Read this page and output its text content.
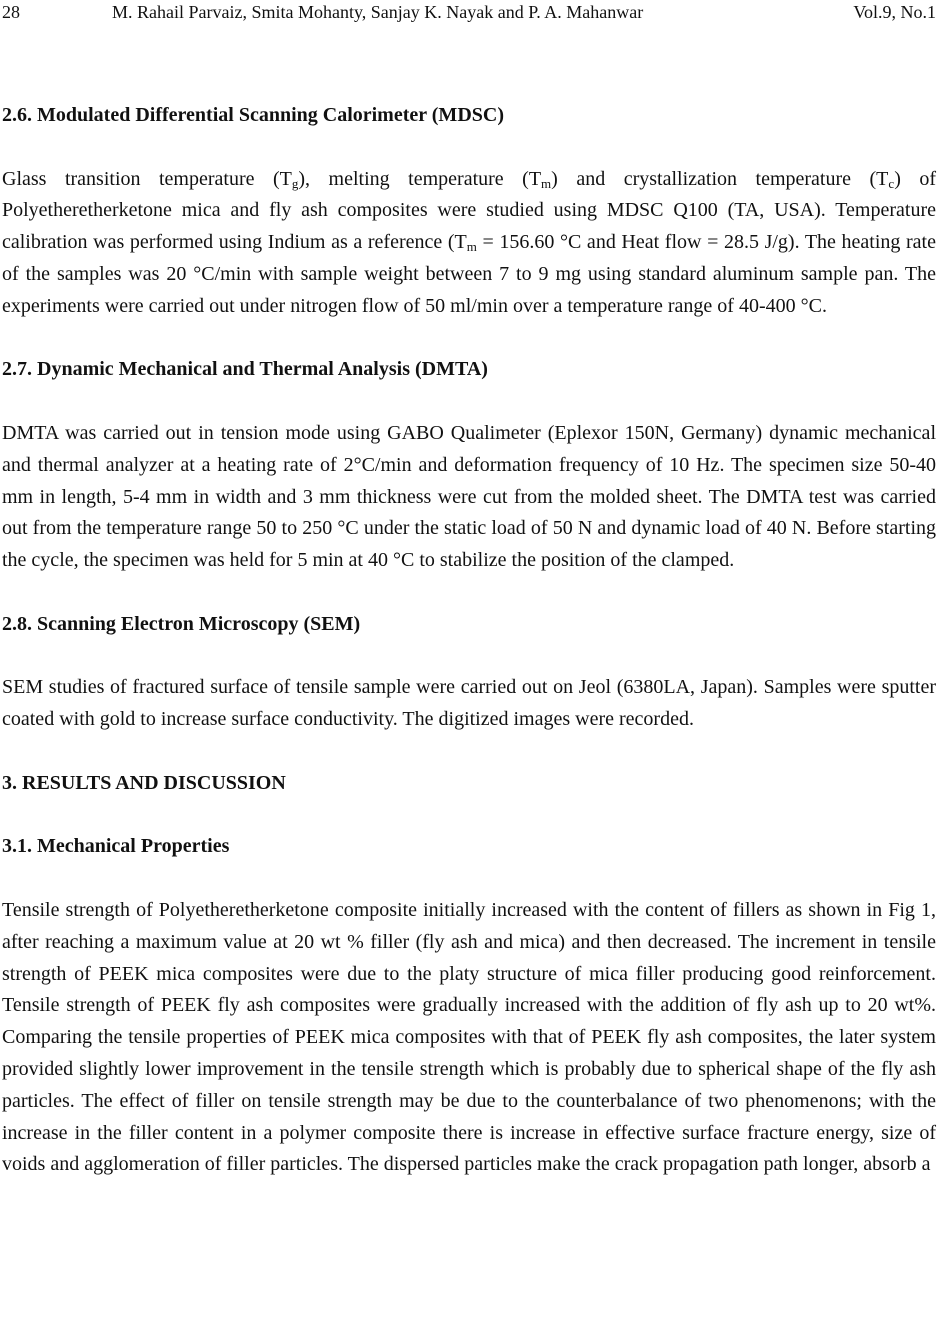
28	M. Rahail Parvaiz, Smita Mohanty, Sanjay K. Nayak and P. A. Mahanwar	Vol.9, No.1
2.6. Modulated Differential Scanning Calorimeter (MDSC)

Glass transition temperature $(T_g)$, melting temperature $(T_m)$ and crystallization temperature $(T_c)$ of Polyetheretherketone mica and fly ash composites were studied using MDSC Q100 (TA, USA). Temperature calibration was performed using Indium as a reference ($T_m = 156.60$ °C and Heat flow = 28.5 J/g). The heating rate of the samples was 20 °C/min with sample weight between 7 to 9 mg using standard aluminum sample pan. The experiments were carried out under nitrogen flow of 50 ml/min over a temperature range of 40-400 °C.

2.7. Dynamic Mechanical and Thermal Analysis (DMTA)

DMTA was carried out in tension mode using GABO Qualimeter (Eplexor 150N, Germany) dynamic mechanical and thermal analyzer at a heating rate of 2°C/min and deformation frequency of 10 Hz. The specimen size 50-40 mm in length, 5-4 mm in width and 3 mm thickness were cut from the molded sheet. The DMTA test was carried out from the temperature range 50 to 250 °C under the static load of 50 N and dynamic load of 40 N. Before starting the cycle, the specimen was held for 5 min at 40 °C to stabilize the position of the clamped.

2.8. Scanning Electron Microscopy (SEM)

SEM studies of fractured surface of tensile sample were carried out on Jeol (6380LA, Japan). Samples were sputter coated with gold to increase surface conductivity. The digitized images were recorded.

3. RESULTS AND DISCUSSION
3.1. Mechanical Properties

Tensile strength of Polyetheretherketone composite initially increased with the content of fillers as shown in Fig 1, after reaching a maximum value at 20 wt % filler (fly ash and mica) and then decreased. The increment in tensile strength of PEEK mica composites were due to the platy structure of mica filler producing good reinforcement. Tensile strength of PEEK fly ash composites were gradually increased with the addition of fly ash up to 20 wt%. Comparing the tensile properties of PEEK mica composites with that of PEEK fly ash composites, the later system provided slightly lower improvement in the tensile strength which is probably due to spherical shape of the fly ash particles. The effect of filler on tensile strength may be due to the counterbalance of two phenomenons; with the increase in the filler content in a polymer composite there is increase in effective surface fracture energy, size of voids and agglomeration of filler particles. The dispersed particles make the crack propagation path longer, absorb a
